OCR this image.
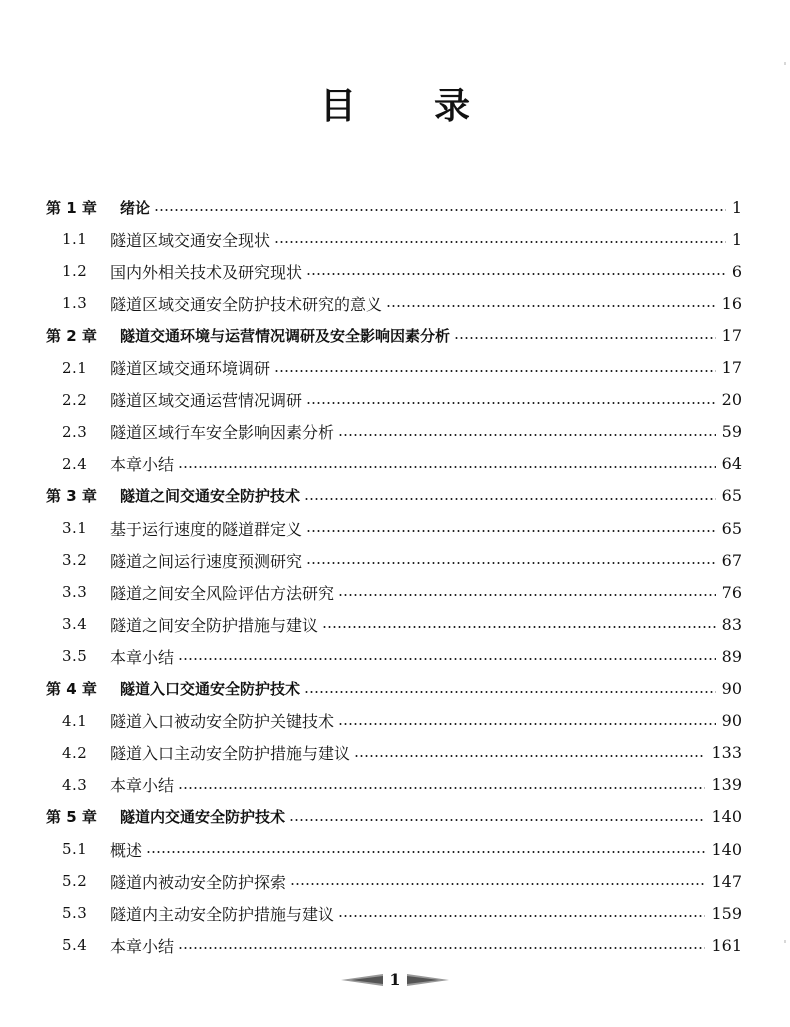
目 录
第 1 章	绪论	1
1.1	隧道区域交通安全现状	1
1.2	国内外相关技术及研究现状	6
1.3	隧道区域交通安全防护技术研究的意义	16
第 2 章	隧道交通环境与运营情况调研及安全影响因素分析	17
2.1	隧道区域交通环境调研	17
2.2	隧道区域交通运营情况调研	20
2.3	隧道区域行车安全影响因素分析	59
2.4	本章小结	64
第 3 章	隧道之间交通安全防护技术	65
3.1	基于运行速度的隧道群定义	65
3.2	隧道之间运行速度预测研究	67
3.3	隧道之间安全风险评估方法研究	76
3.4	隧道之间安全防护措施与建议	83
3.5	本章小结	89
第 4 章	隧道入口交通安全防护技术	90
4.1	隧道入口被动安全防护关键技术	90
4.2	隧道入口主动安全防护措施与建议	133
4.3	本章小结	139
第 5 章	隧道内交通安全防护技术	140
5.1	概述	140
5.2	隧道内被动安全防护探索	147
5.3	隧道内主动安全防护措施与建议	159
5.4	本章小结	161
1
